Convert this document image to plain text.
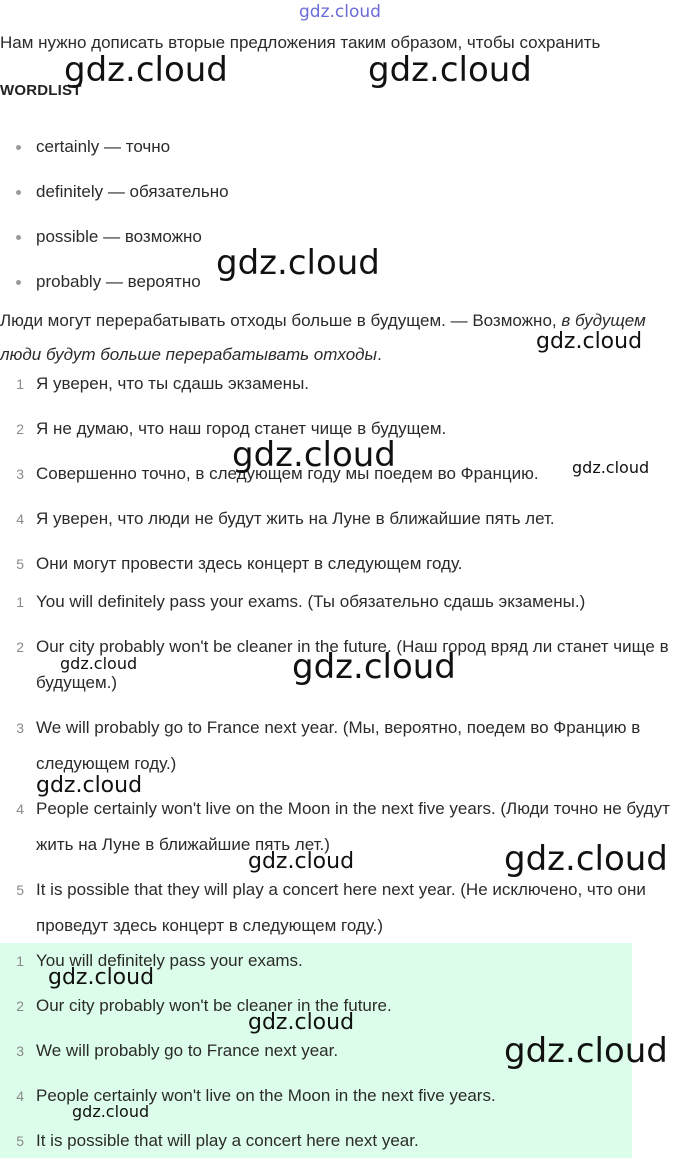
gdz.cloud
Нам нужно дописать вторые предложения таким образом, чтобы сохранить
WORDLIST
certainly — точно
definitely — обязательно
possible — возможно
probably — вероятно
Люди могут перерабатывать отходы больше в будущем. — Возможно, в будущем люди будут больше перерабатывать отходы.
1 Я уверен, что ты сдашь экзамены.
2 Я не думаю, что наш город станет чище в будущем.
3 Совершенно точно, в следующем году мы поедем во Францию.
4 Я уверен, что люди не будут жить на Луне в ближайшие пять лет.
5 Они могут провести здесь концерт в следующем году.
1 You will definitely pass your exams. (Ты обязательно сдашь экзамены.)
2 Our city probably won't be cleaner in the future. (Наш город вряд ли станет чище в будущем.)
3 We will probably go to France next year. (Мы, вероятно, поедем во Францию в следующем году.)
4 People certainly won't live on the Moon in the next five years. (Люди точно не будут жить на Луне в ближайшие пять лет.)
5 It is possible that they will play a concert here next year. (Не исключено, что они проведут здесь концерт в следующем году.)
1 You will definitely pass your exams.
2 Our city probably won't be cleaner in the future.
3 We will probably go to France next year.
4 People certainly won't live on the Moon in the next five years.
5 It is possible that will play a concert here next year.
gdz.cloud	gdz.cloud
gdz.cloud
gdz.cloud
gdz.cloud	gdz.cloud
gdz.cloud	gdz.cloud
gdz.cloud
gdz.cloud	gdz.cloud
gdz.cloud
gdz.cloud
gdz.cloud
gdz.cloud
